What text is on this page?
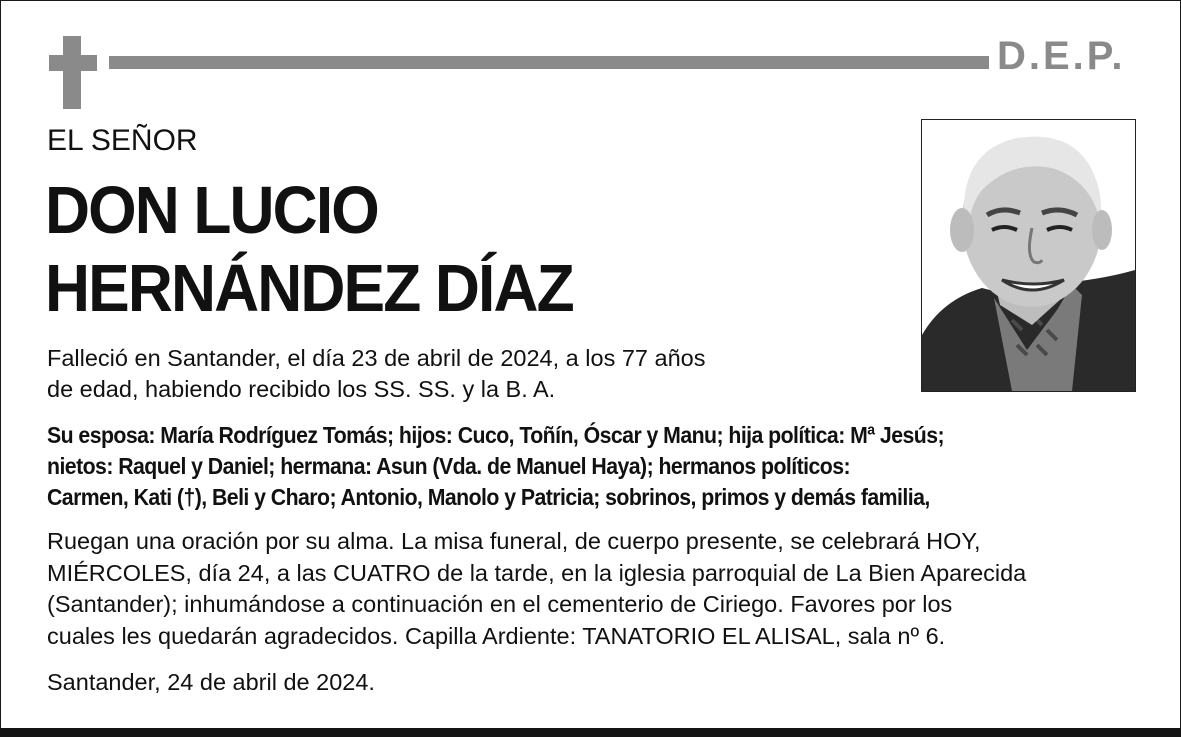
D.E.P.
EL SEÑOR
DON LUCIO
HERNÁNDEZ DÍAZ
Falleció en Santander, el día 23 de abril de 2024, a los 77 años
de edad, habiendo recibido los SS. SS. y la B. A.
Su esposa: María Rodríguez Tomás; hijos: Cuco, Toñín, Óscar y Manu; hija política: Mª Jesús;
nietos: Raquel y Daniel; hermana: Asun (Vda. de Manuel Haya); hermanos políticos:
Carmen, Kati (†), Beli y Charo; Antonio, Manolo y Patricia; sobrinos, primos y demás familia,
Ruegan una oración por su alma. La misa funeral, de cuerpo presente, se celebrará HOY,
MIÉRCOLES, día 24, a las CUATRO de la tarde, en la iglesia parroquial de La Bien Aparecida
(Santander); inhumándose a continuación en el cementerio de Ciriego. Favores por los
cuales les quedarán agradecidos. Capilla Ardiente: TANATORIO EL ALISAL, sala nº 6.
Santander, 24 de abril de 2024.
